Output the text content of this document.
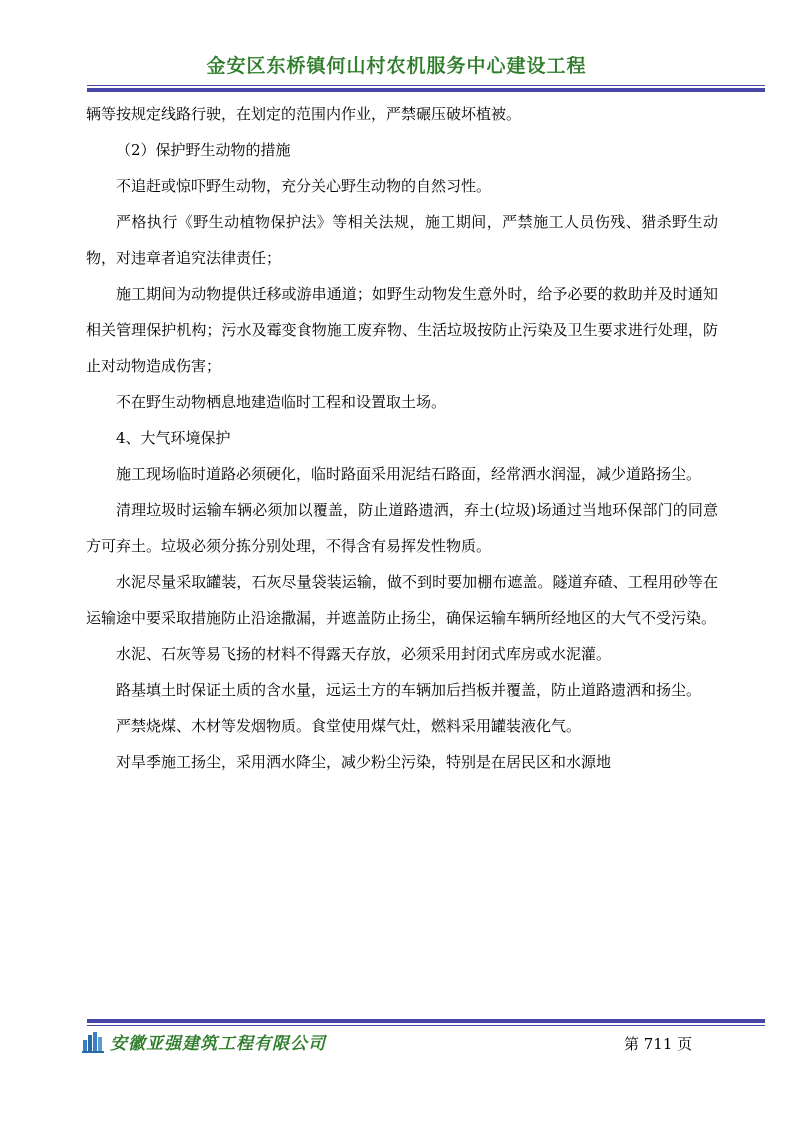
金安区东桥镇何山村农机服务中心建设工程

辆等按规定线路行驶，在划定的范围内作业，严禁碾压破坏植被。

（2）保护野生动物的措施

不追赶或惊吓野生动物，充分关心野生动物的自然习性。

严格执行《野生动植物保护法》等相关法规，施工期间，严禁施工人员伤残、猎杀野生动物，对违章者追究法律责任；

施工期间为动物提供迁移或游串通道；如野生动物发生意外时，给予必要的救助并及时通知相关管理保护机构；污水及霉变食物施工废弃物、生活垃圾按防止污染及卫生要求进行处理，防止对动物造成伤害；

不在野生动物栖息地建造临时工程和设置取土场。

4、大气环境保护

施工现场临时道路必须硬化，临时路面采用泥结石路面，经常洒水润湿，减少道路扬尘。

清理垃圾时运输车辆必须加以覆盖，防止道路遗洒，弃土(垃圾)场通过当地环保部门的同意方可弃土。垃圾必须分拣分别处理，不得含有易挥发性物质。

水泥尽量采取罐装，石灰尽量袋装运输，做不到时要加棚布遮盖。隧道弃碴、工程用砂等在运输途中要采取措施防止沿途撒漏，并遮盖防止扬尘，确保运输车辆所经地区的大气不受污染。

水泥、石灰等易飞扬的材料不得露天存放，必须采用封闭式库房或水泥灌。

路基填土时保证土质的含水量，远运土方的车辆加后挡板并覆盖，防止道路遗洒和扬尘。

严禁烧煤、木材等发烟物质。食堂使用煤气灶，燃料采用罐装液化气。

对旱季施工扬尘，采用洒水降尘，减少粉尘污染，特别是在居民区和水源地

安徽亚强建筑工程有限公司	第 711 页
